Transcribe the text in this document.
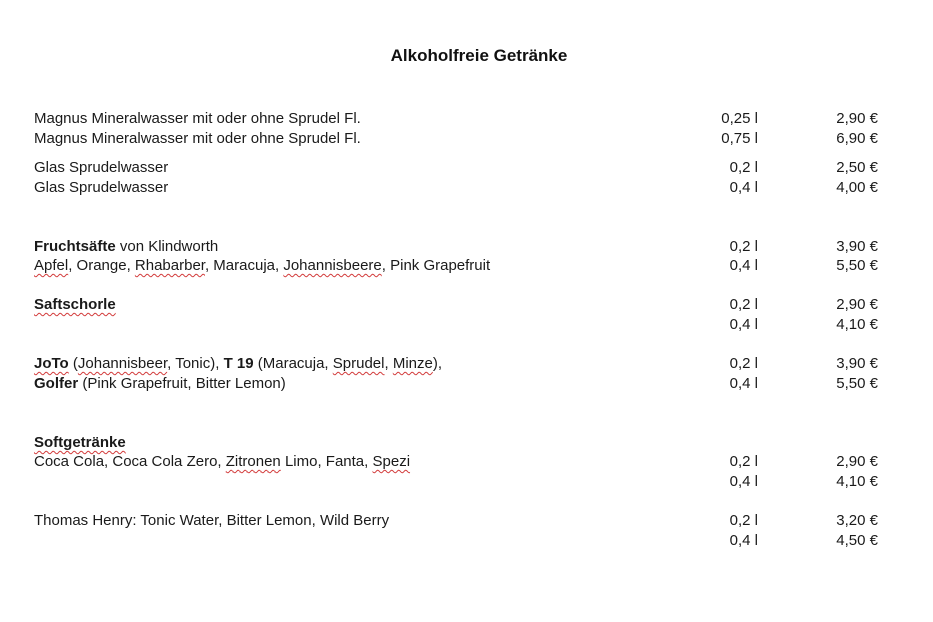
Alkoholfreie Getränke
Magnus Mineralwasser mit oder ohne Sprudel Fl.	0,25 l	2,90 €
Magnus Mineralwasser mit oder ohne Sprudel Fl.	0,75 l	6,90 €
Glas Sprudelwasser	0,2 l	2,50 €
Glas Sprudelwasser	0,4 l	4,00 €
Fruchtsäfte von Klindworth	0,2 l	3,90 €
Apfel, Orange, Rhabarber, Maracuja, Johannisbeere, Pink Grapefruit	0,4 l	5,50 €
Saftschorle	0,2 l	2,90 €
0,4 l	4,10 €
JoTo (Johannisbeer, Tonic), T 19 (Maracuja, Sprudel, Minze),	0,2 l	3,90 €
Golfer (Pink Grapefruit, Bitter Lemon)	0,4 l	5,50 €
Softgetränke
Coca Cola, Coca Cola Zero, Zitronen Limo, Fanta, Spezi	0,2 l	2,90 €
0,4 l	4,10 €
Thomas Henry: Tonic Water, Bitter Lemon, Wild Berry	0,2 l	3,20 €
0,4 l	4,50 €
